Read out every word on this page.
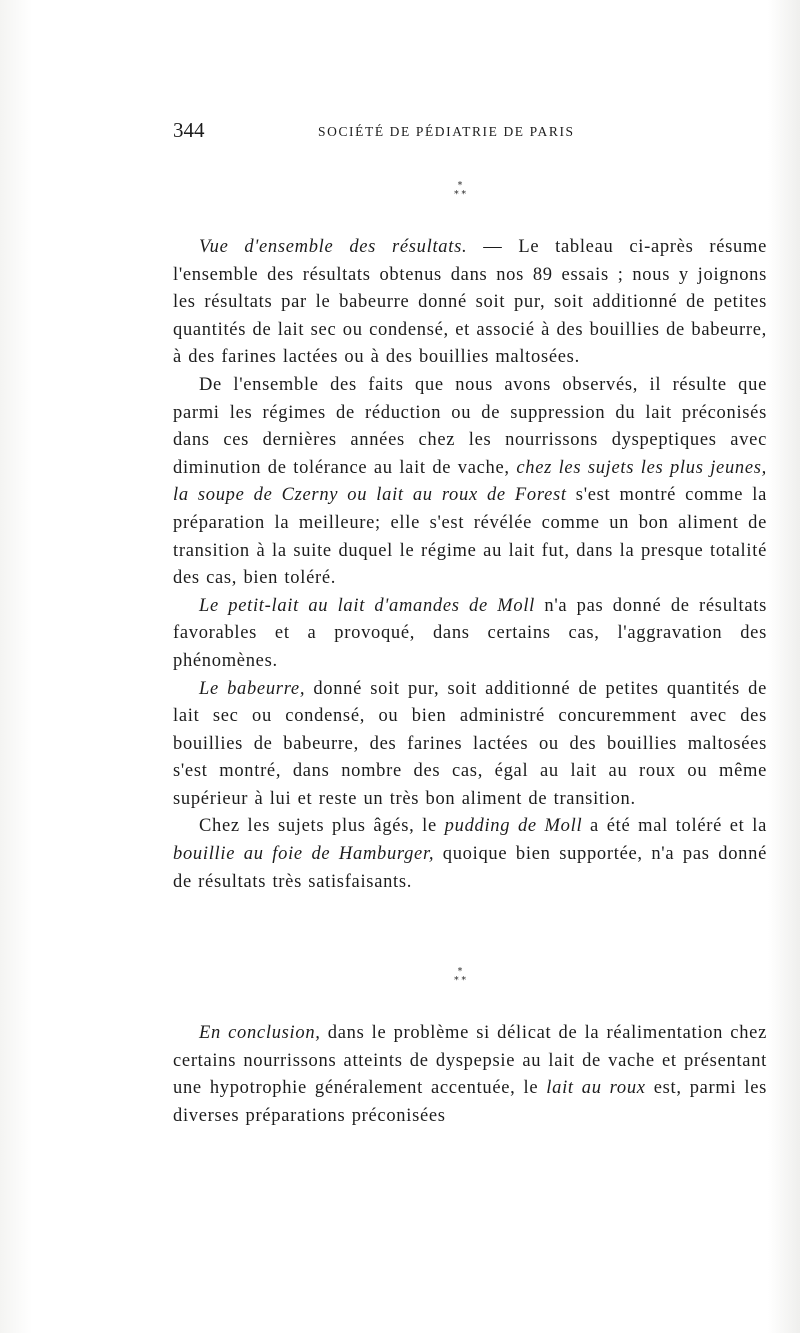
344	SOCIÉTÉ DE PÉDIATRIE DE PARIS
*
* *

Vue d'ensemble des résultats. — Le tableau ci-après résume l'ensemble des résultats obtenus dans nos 89 essais ; nous y joignons les résultats par le babeurre donné soit pur, soit additionné de petites quantités de lait sec ou condensé, et associé à des bouillies de babeurre, à des farines lactées ou à des bouillies maltosées.

De l'ensemble des faits que nous avons observés, il résulte que parmi les régimes de réduction ou de suppression du lait préconisés dans ces dernières années chez les nourrissons dyspeptiques avec diminution de tolérance au lait de vache, chez les sujets les plus jeunes, la soupe de Czerny ou lait au roux de Forest s'est montré comme la préparation la meilleure; elle s'est révélée comme un bon aliment de transition à la suite duquel le régime au lait fut, dans la presque totalité des cas, bien toléré.

Le petit-lait au lait d'amandes de Moll n'a pas donné de résultats favorables et a provoqué, dans certains cas, l'aggravation des phénomènes.

Le babeurre, donné soit pur, soit additionné de petites quantités de lait sec ou condensé, ou bien administré concuremment avec des bouillies de babeurre, des farines lactées ou des bouillies maltosées s'est montré, dans nombre des cas, égal au lait au roux ou même supérieur à lui et reste un très bon aliment de transition.

Chez les sujets plus âgés, le pudding de Moll a été mal toléré et la bouillie au foie de Hamburger, quoique bien supportée, n'a pas donné de résultats très satisfaisants.

*
* *

En conclusion, dans le problème si délicat de la réalimentation chez certains nourrissons atteints de dyspepsie au lait de vache et présentant une hypotrophie généralement accentuée, le lait au roux est, parmi les diverses préparations préconisées
